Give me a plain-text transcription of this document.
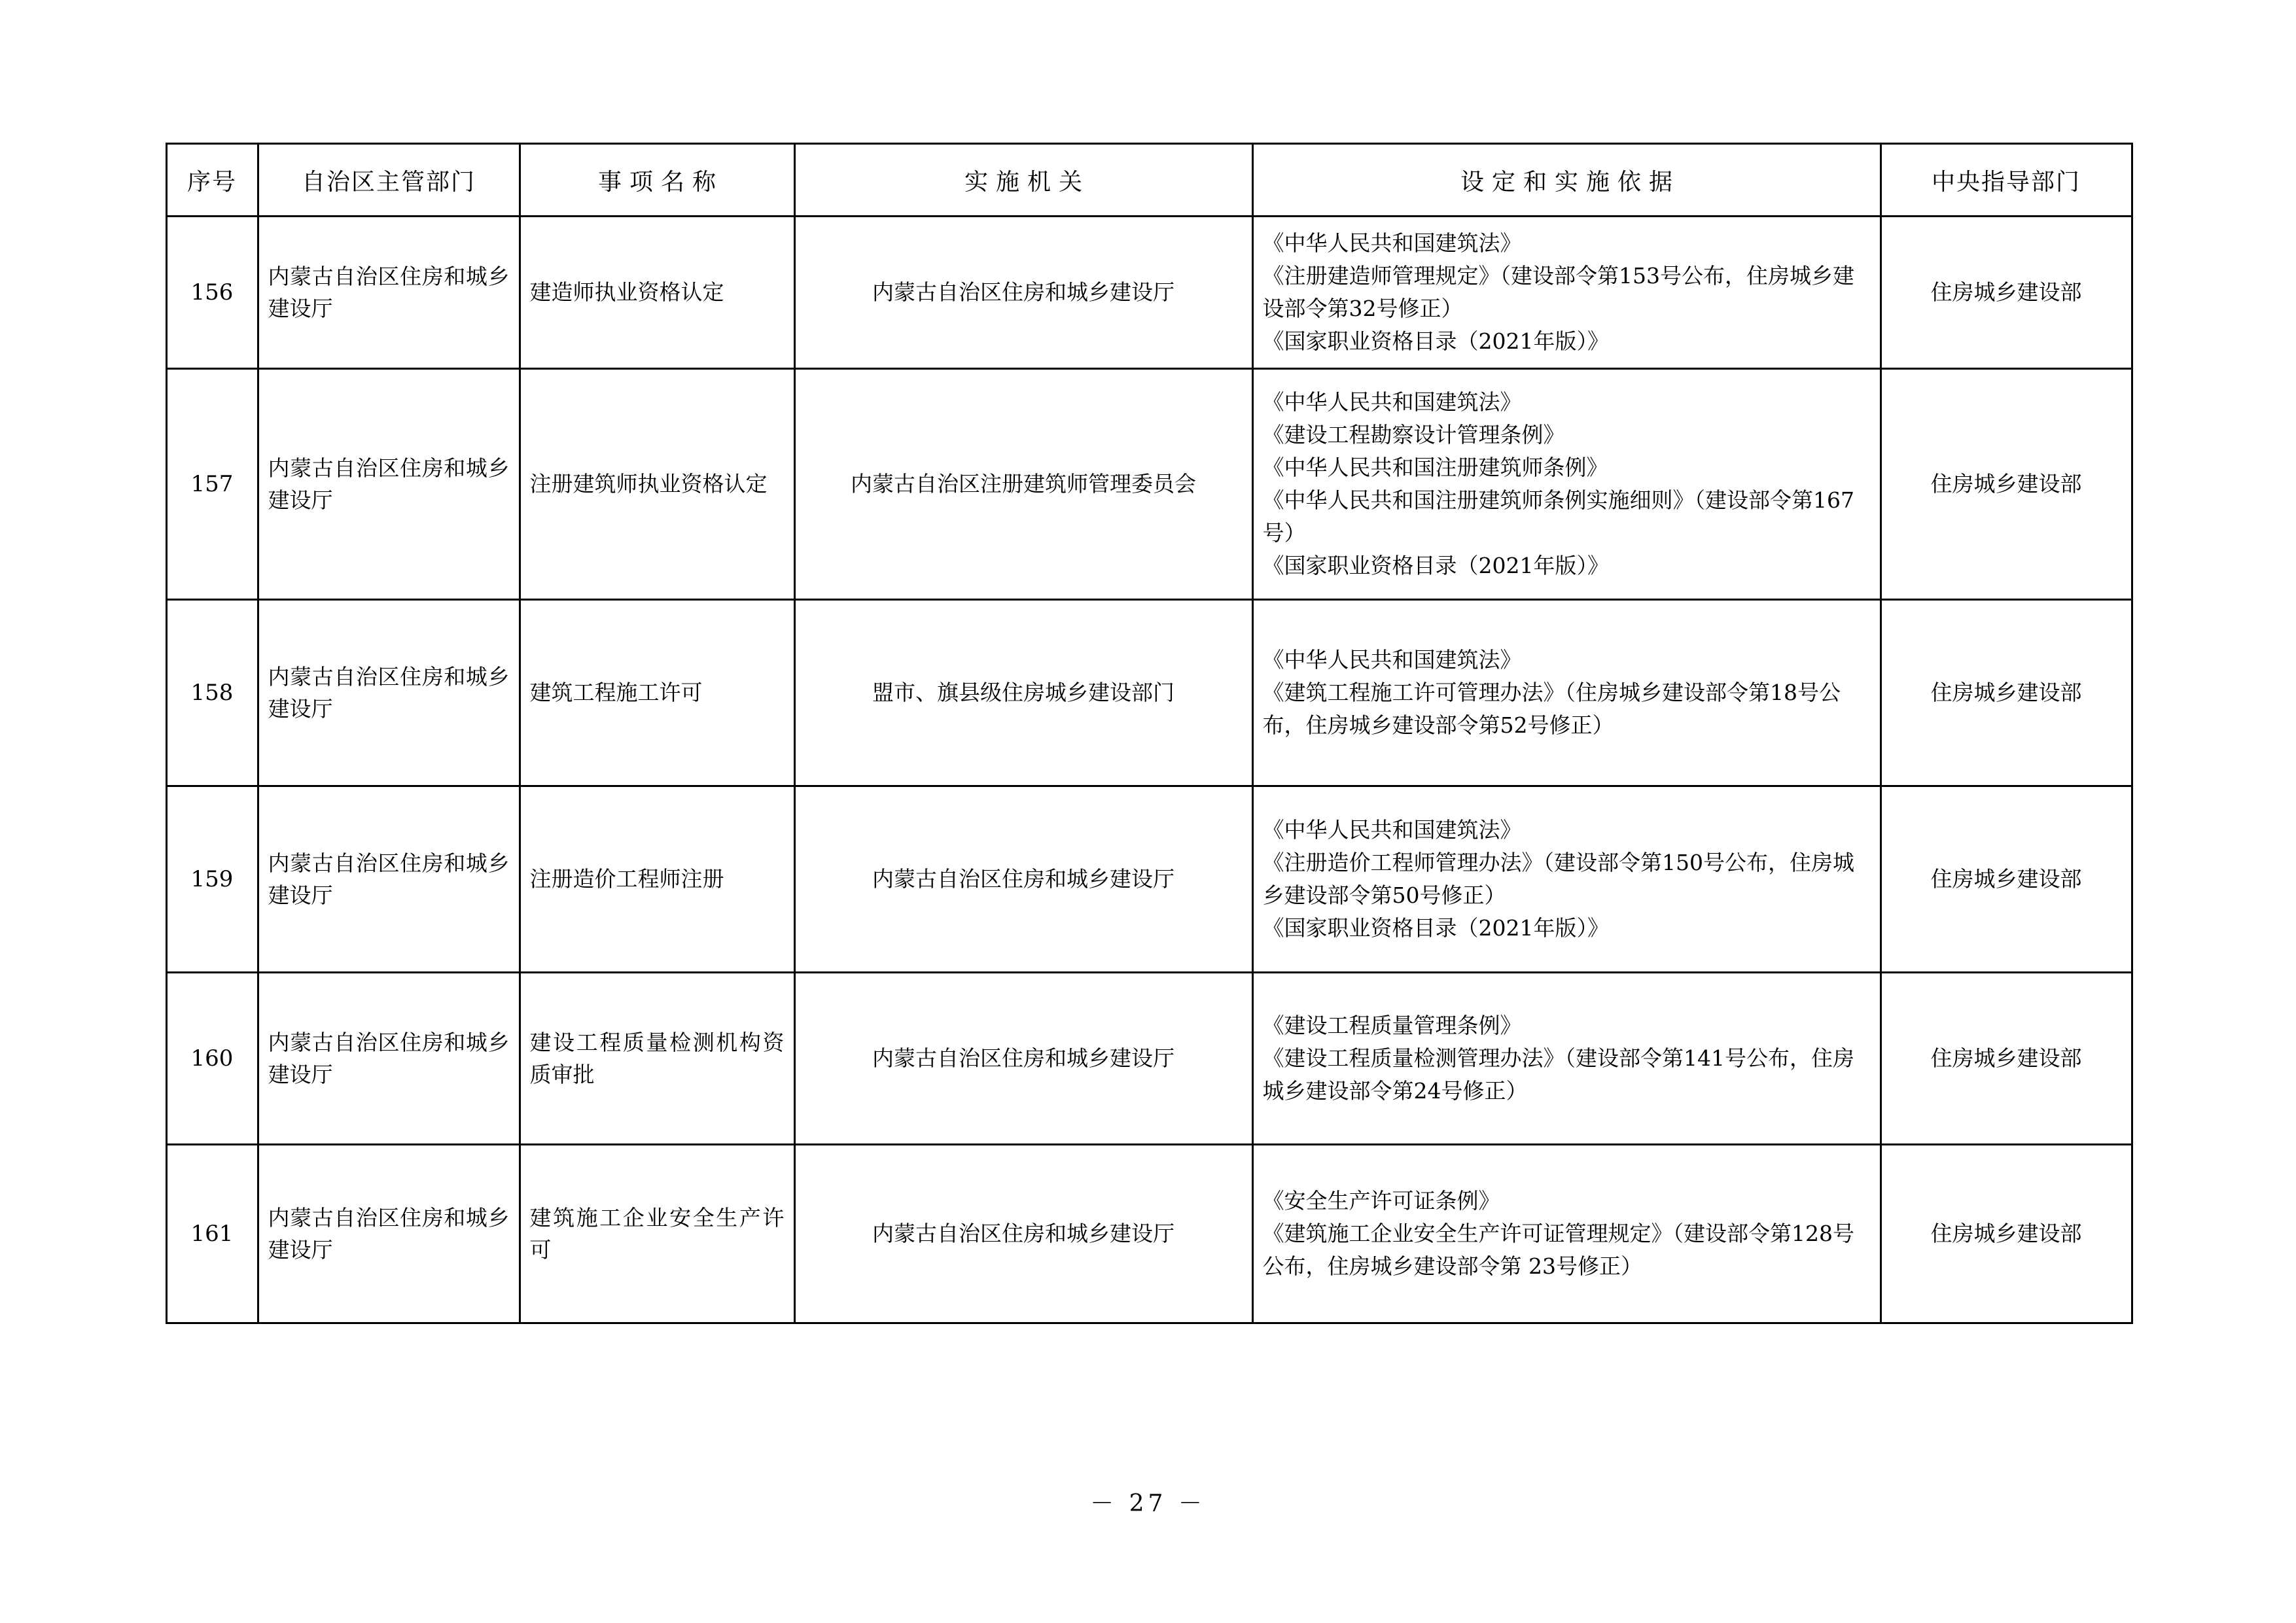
序号	自治区主管部门	事项名称	实施机关	设定和实施依据	中央指导部门
156	内蒙古自治区住房和城乡建设厅	建造师执业资格认定	内蒙古自治区住房和城乡建设厅	《中华人民共和国建筑法》
《注册建造师管理规定》（建设部令第153号公布，住房城乡建设部令第32号修正）
《国家职业资格目录（2021年版）》	住房城乡建设部
157	内蒙古自治区住房和城乡建设厅	注册建筑师执业资格认定	内蒙古自治区注册建筑师管理委员会	《中华人民共和国建筑法》
《建设工程勘察设计管理条例》
《中华人民共和国注册建筑师条例》
《中华人民共和国注册建筑师条例实施细则》（建设部令第167号）
《国家职业资格目录（2021年版）》	住房城乡建设部
158	内蒙古自治区住房和城乡建设厅	建筑工程施工许可	盟市、旗县级住房城乡建设部门	《中华人民共和国建筑法》
《建筑工程施工许可管理办法》（住房城乡建设部令第18号公布，住房城乡建设部令第52号修正）	住房城乡建设部
159	内蒙古自治区住房和城乡建设厅	注册造价工程师注册	内蒙古自治区住房和城乡建设厅	《中华人民共和国建筑法》
《注册造价工程师管理办法》（建设部令第150号公布，住房城乡建设部令第50号修正）
《国家职业资格目录（2021年版）》	住房城乡建设部
160	内蒙古自治区住房和城乡建设厅	建设工程质量检测机构资质审批	内蒙古自治区住房和城乡建设厅	《建设工程质量管理条例》
《建设工程质量检测管理办法》（建设部令第141号公布，住房城乡建设部令第24号修正）	住房城乡建设部
161	内蒙古自治区住房和城乡建设厅	建筑施工企业安全生产许可	内蒙古自治区住房和城乡建设厅	《安全生产许可证条例》
《建筑施工企业安全生产许可证管理规定》（建设部令第128号公布，住房城乡建设部令第 23号修正）	住房城乡建设部
－ 27 －
